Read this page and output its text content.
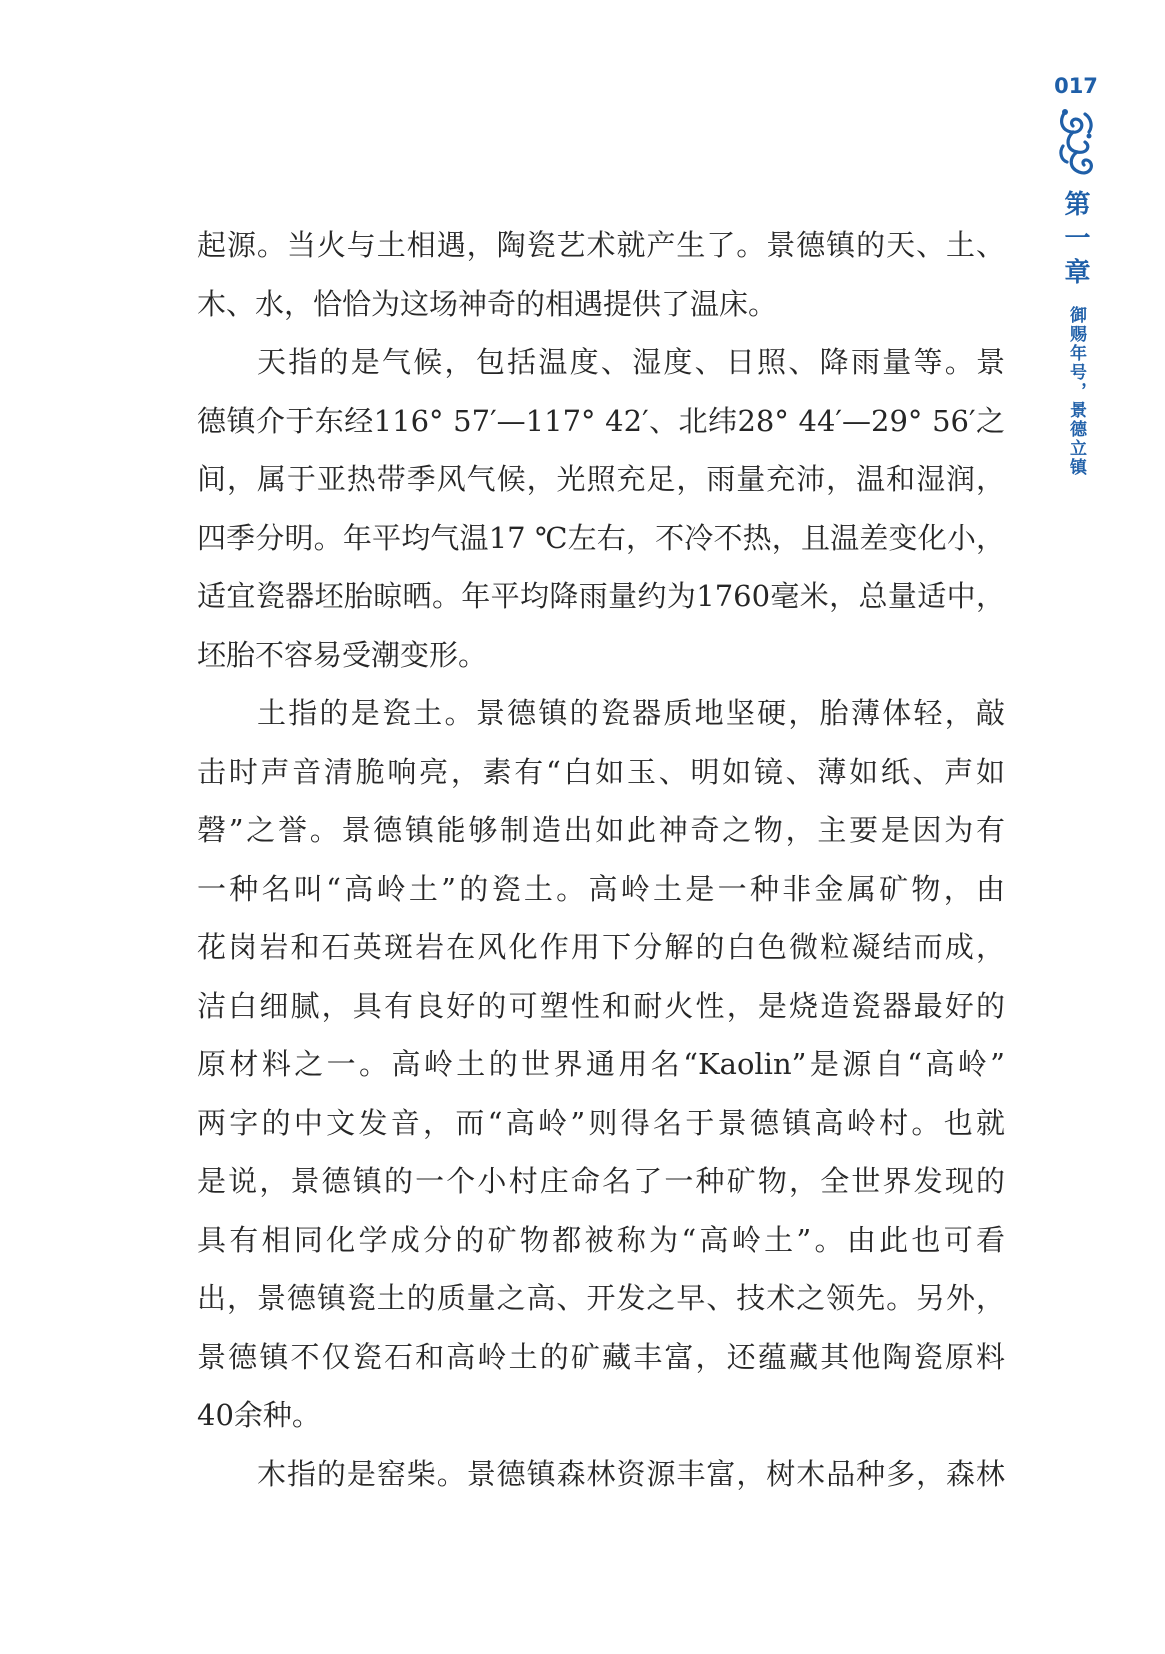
017
第一章
御赐年号，景德立镇
起源。当火与土相遇，陶瓷艺术就产生了。景德镇的天、土、
木、水，恰恰为这场神奇的相遇提供了温床。
天指的是气候，包括温度、湿度、日照、降雨量等。景
德镇介于东经116° 57′—117° 42′、北纬28° 44′—29° 56′之
间，属于亚热带季风气候，光照充足，雨量充沛，温和湿润，
四季分明。年平均气温17 ℃左右，不冷不热，且温差变化小，
适宜瓷器坯胎晾晒。年平均降雨量约为1760毫米，总量适中，
坯胎不容易受潮变形。
土指的是瓷土。景德镇的瓷器质地坚硬，胎薄体轻，敲
击时声音清脆响亮，素有“白如玉、明如镜、薄如纸、声如
磬”之誉。景德镇能够制造出如此神奇之物，主要是因为有
一种名叫“高岭土”的瓷土。高岭土是一种非金属矿物，由
花岗岩和石英斑岩在风化作用下分解的白色微粒凝结而成，
洁白细腻，具有良好的可塑性和耐火性，是烧造瓷器最好的
原材料之一。高岭土的世界通用名“Kaolin”是源自“高岭”
两字的中文发音，而“高岭”则得名于景德镇高岭村。也就
是说，景德镇的一个小村庄命名了一种矿物，全世界发现的
具有相同化学成分的矿物都被称为“高岭土”。由此也可看
出，景德镇瓷土的质量之高、开发之早、技术之领先。另外，
景德镇不仅瓷石和高岭土的矿藏丰富，还蕴藏其他陶瓷原料
40余种。
木指的是窑柴。景德镇森林资源丰富，树木品种多，森林
